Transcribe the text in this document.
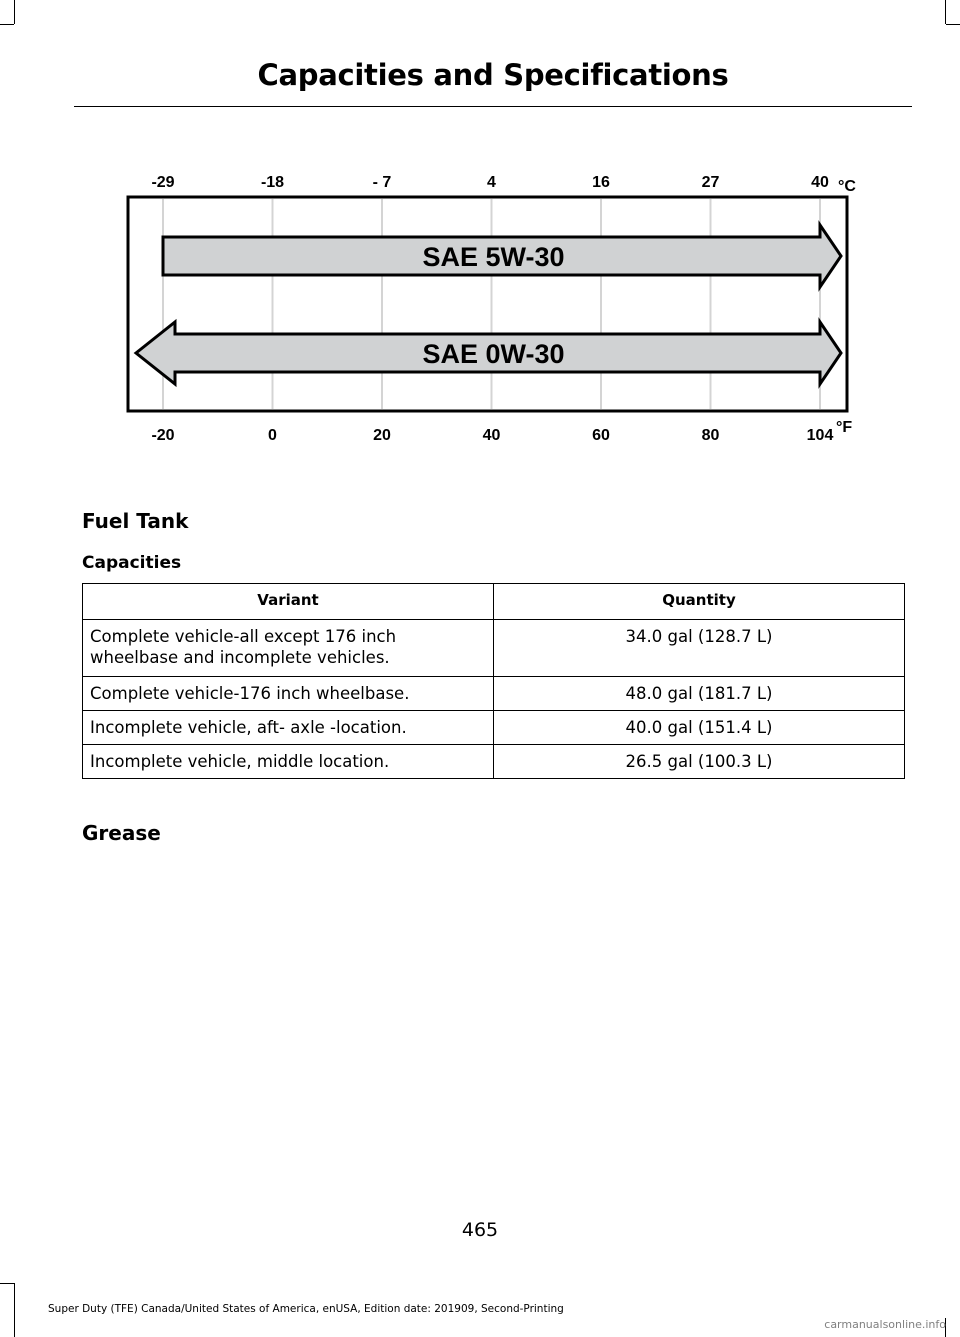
Capacities and Specifications
SAE 5W-30
SAE 0W-30
-29	-18	- 7	4	16	27	40 °C
-20	0	20	40	60	80	104 °F
Fuel Tank
Capacities
Variant	Quantity
Complete vehicle-all except 176 inch
wheelbase and incomplete vehicles.	34.0 gal (128.7 L)
Complete vehicle-176 inch wheelbase.	48.0 gal (181.7 L)
Incomplete vehicle, aft- axle -location.	40.0 gal (151.4 L)
Incomplete vehicle, middle location.	26.5 gal (100.3 L)
Grease
465
Super Duty (TFE) Canada/United States of America, enUSA, Edition date: 201909, Second-Printing
carmanualsonline.info
